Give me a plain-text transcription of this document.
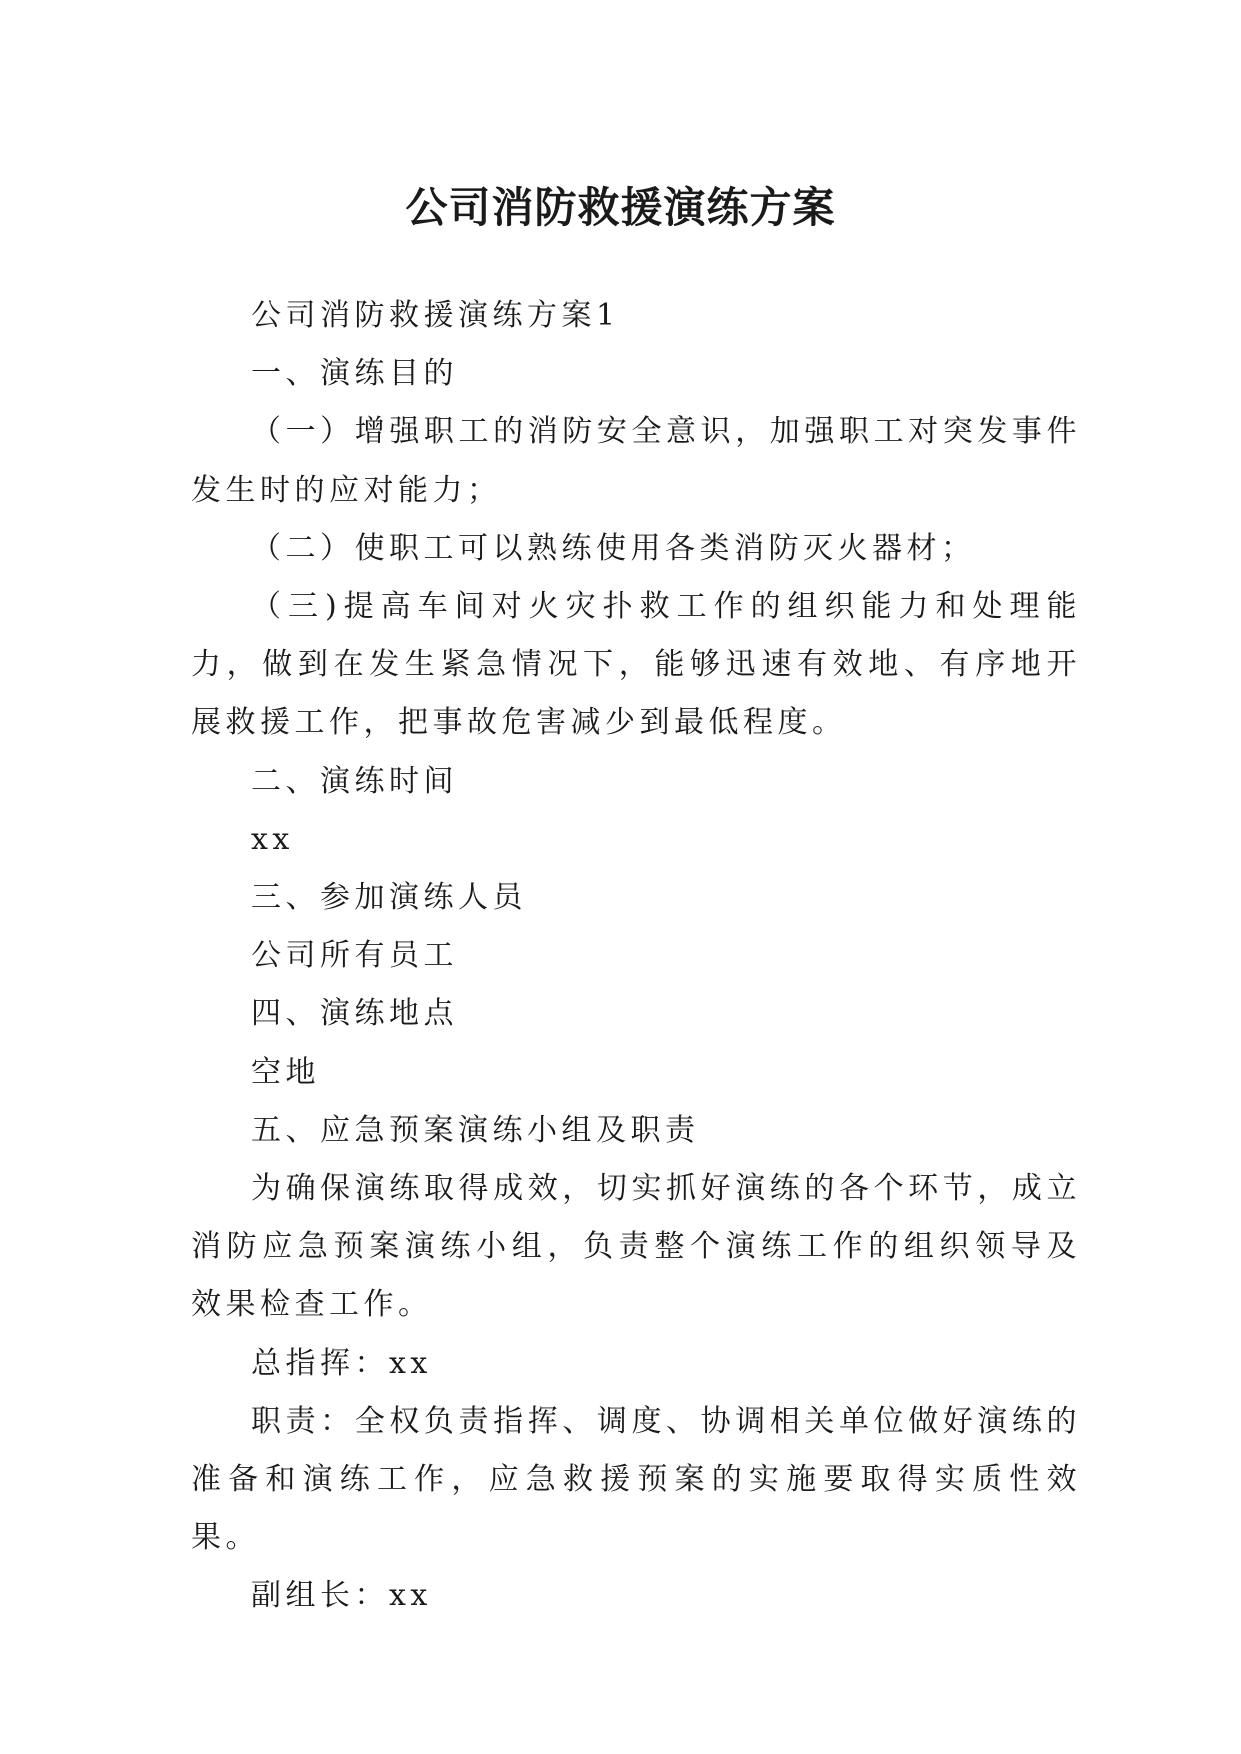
公司消防救援演练方案

公司消防救援演练方案1

一、演练目的

（一）增强职工的消防安全意识，加强职工对突发事件发生时的应对能力；

（二）使职工可以熟练使用各类消防灭火器材；

（三)提高车间对火灾扑救工作的组织能力和处理能力，做到在发生紧急情况下，能够迅速有效地、有序地开展救援工作，把事故危害减少到最低程度。

二、演练时间

xx

三、参加演练人员

公司所有员工

四、演练地点

空地

五、应急预案演练小组及职责

为确保演练取得成效，切实抓好演练的各个环节，成立消防应急预案演练小组，负责整个演练工作的组织领导及效果检查工作。

总指挥：xx

职责：全权负责指挥、调度、协调相关单位做好演练的准备和演练工作，应急救援预案的实施要取得实质性效果。

副组长：xx
